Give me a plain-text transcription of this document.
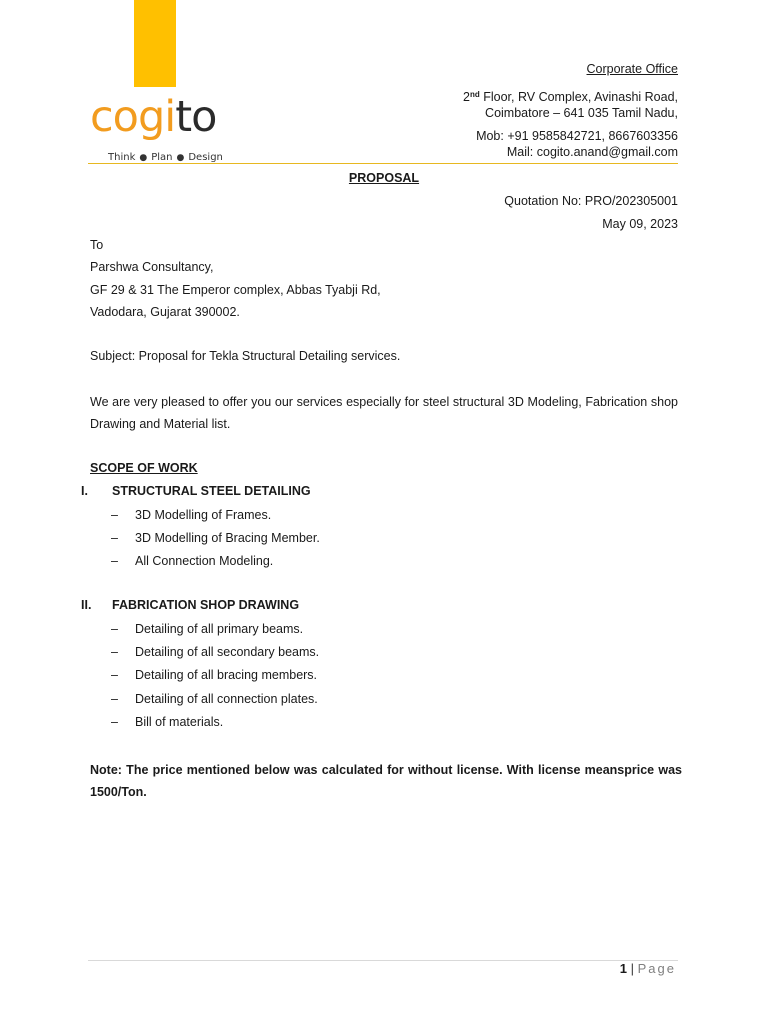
cogito
Think ● Plan ● Design
Corporate Office
2nd Floor, RV Complex, Avinashi Road,
Coimbatore – 641 035 Tamil Nadu,
Mob: +91 9585842721, 8667603356
Mail: cogito.anand@gmail.com
PROPOSAL
Quotation No: PRO/202305001
May 09, 2023
To
Parshwa Consultancy,
GF 29 & 31 The Emperor complex, Abbas Tyabji Rd,
Vadodara, Gujarat 390002.
Subject: Proposal for Tekla Structural Detailing services.
We are very pleased to offer you our services especially for steel structural 3D Modeling, Fabrication shop Drawing and Material list.
SCOPE OF WORK
I. STRUCTURAL STEEL DETAILING
– 3D Modelling of Frames.
– 3D Modelling of Bracing Member.
– All Connection Modeling.
II. FABRICATION SHOP DRAWING
– Detailing of all primary beams.
– Detailing of all secondary beams.
– Detailing of all bracing members.
– Detailing of all connection plates.
– Bill of materials.
Note: The price mentioned below was calculated for without license. With license meansprice was 1500/Ton.
1 | Page
